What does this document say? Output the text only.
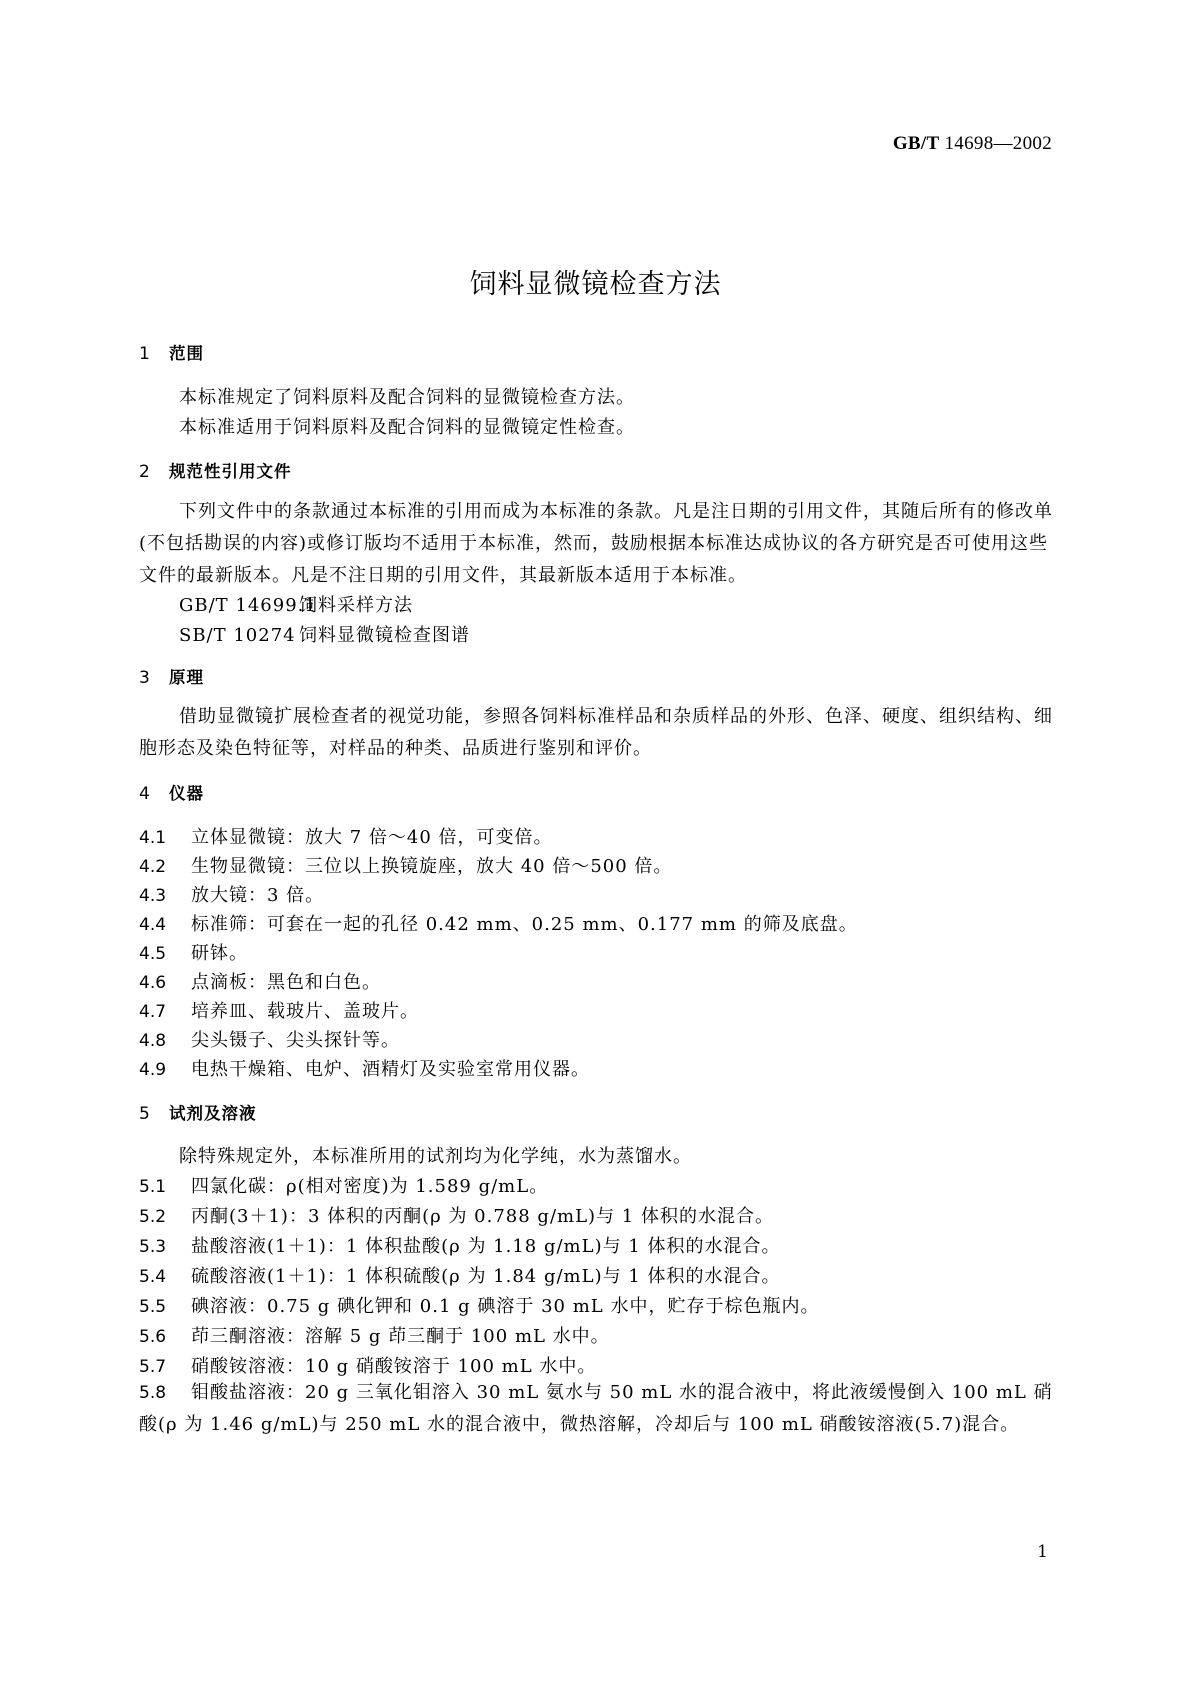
GB/T 14698—2002
饲料显微镜检查方法
1 范围
本标准规定了饲料原料及配合饲料的显微镜检查方法。
本标准适用于饲料原料及配合饲料的显微镜定性检查。
2 规范性引用文件
下列文件中的条款通过本标准的引用而成为本标准的条款。凡是注日期的引用文件，其随后所有的修改单(不包括勘误的内容)或修订版均不适用于本标准，然而，鼓励根据本标准达成协议的各方研究是否可使用这些文件的最新版本。凡是不注日期的引用文件，其最新版本适用于本标准。
GB/T 14699.1饲料采样方法
SB/T 10274 饲料显微镜检查图谱
3 原理
借助显微镜扩展检查者的视觉功能，参照各饲料标准样品和杂质样品的外形、色泽、硬度、组织结构、细胞形态及染色特征等，对样品的种类、品质进行鉴别和评价。
4 仪器
4.1 立体显微镜：放大 7 倍～40 倍，可变倍。
4.2 生物显微镜：三位以上换镜旋座，放大 40 倍～500 倍。
4.3 放大镜：3 倍。
4.4 标准筛：可套在一起的孔径 0.42 mm、0.25 mm、0.177 mm 的筛及底盘。
4.5 研钵。
4.6 点滴板：黑色和白色。
4.7 培养皿、载玻片、盖玻片。
4.8 尖头镊子、尖头探针等。
4.9 电热干燥箱、电炉、酒精灯及实验室常用仪器。
5 试剂及溶液
除特殊规定外，本标准所用的试剂均为化学纯，水为蒸馏水。
5.1 四氯化碳：ρ(相对密度)为 1.589 g/mL。
5.2 丙酮(3＋1)：3 体积的丙酮(ρ 为 0.788 g/mL)与 1 体积的水混合。
5.3 盐酸溶液(1＋1)：1 体积盐酸(ρ 为 1.18 g/mL)与 1 体积的水混合。
5.4 硫酸溶液(1＋1)：1 体积硫酸(ρ 为 1.84 g/mL)与 1 体积的水混合。
5.5 碘溶液：0.75 g 碘化钾和 0.1 g 碘溶于 30 mL 水中，贮存于棕色瓶内。
5.6 茚三酮溶液：溶解 5 g 茚三酮于 100 mL 水中。
5.7 硝酸铵溶液：10 g 硝酸铵溶于 100 mL 水中。
5.8 钼酸盐溶液：20 g 三氧化钼溶入 30 mL 氨水与 50 mL 水的混合液中，将此液缓慢倒入 100 mL 硝酸(ρ 为 1.46 g/mL)与 250 mL 水的混合液中，微热溶解，冷却后与 100 mL 硝酸铵溶液(5.7)混合。
1
